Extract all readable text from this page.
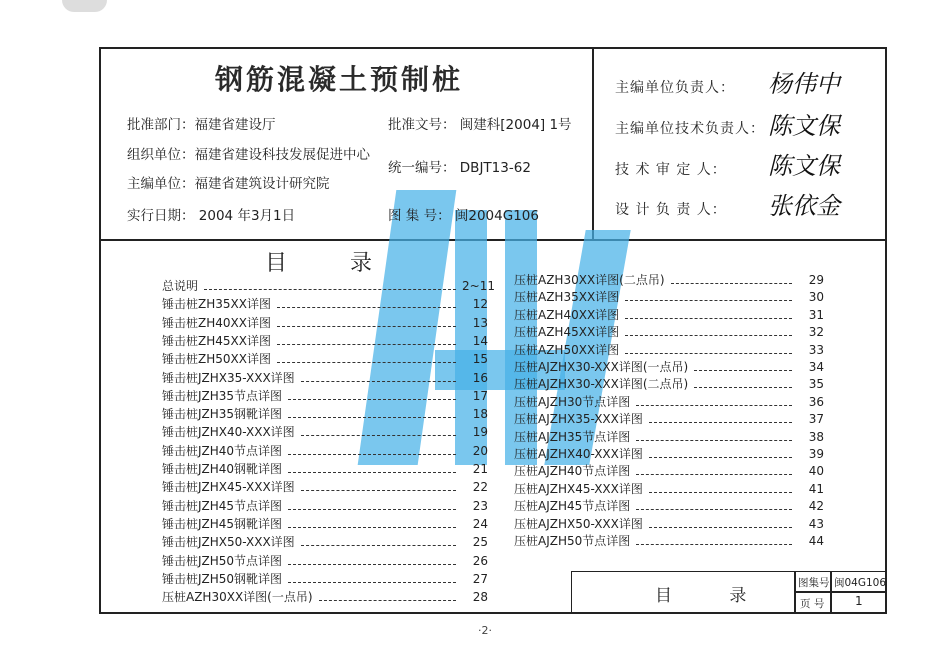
钢筋混凝土预制桩
批准部门：福建省建设厅
组织单位：福建省建设科技发展促进中心
主编单位：福建省建筑设计研究院
实行日期： 2004 年3月1日
批准文号： 闽建科[2004] 1号
统一编号： DBJT13-62
图 集 号： 闽2004G106
主编单位负责人： 杨伟中
主编单位技术负责人： 陈文保
技 术 审 定 人： 陈文保
设 计 负 责 人： 张依金
目 录
总说明	2~11
锤击桩ZH35XX详图	12
锤击桩ZH40XX详图	13
锤击桩ZH45XX详图	14
锤击桩ZH50XX详图	15
锤击桩JZHX35-XXX详图	16
锤击桩JZH35节点详图	17
锤击桩JZH35钢靴详图	18
锤击桩JZHX40-XXX详图	19
锤击桩JZH40节点详图	20
锤击桩JZH40钢靴详图	21
锤击桩JZHX45-XXX详图	22
锤击桩JZH45节点详图	23
锤击桩JZH45钢靴详图	24
锤击桩JZHX50-XXX详图	25
锤击桩JZH50节点详图	26
锤击桩JZH50钢靴详图	27
压桩AZH30XX详图(一点吊)	28
压桩AZH30XX详图(二点吊)	29
压桩AZH35XX详图	30
压桩AZH40XX详图	31
压桩AZH45XX详图	32
压桩AZH50XX详图	33
压桩AJZHX30-XXX详图(一点吊)	34
压桩AJZHX30-XXX详图(二点吊)	35
压桩AJZH30节点详图	36
压桩AJZHX35-XXX详图	37
压桩AJZH35节点详图	38
压桩AJZHX40-XXX详图	39
压桩AJZH40节点详图	40
压桩AJZHX45-XXX详图	41
压桩AJZH45节点详图	42
压桩AJZHX50-XXX详图	43
压桩AJZH50节点详图	44
目 录
图集号 闽04G106
页 号	1
·2·
